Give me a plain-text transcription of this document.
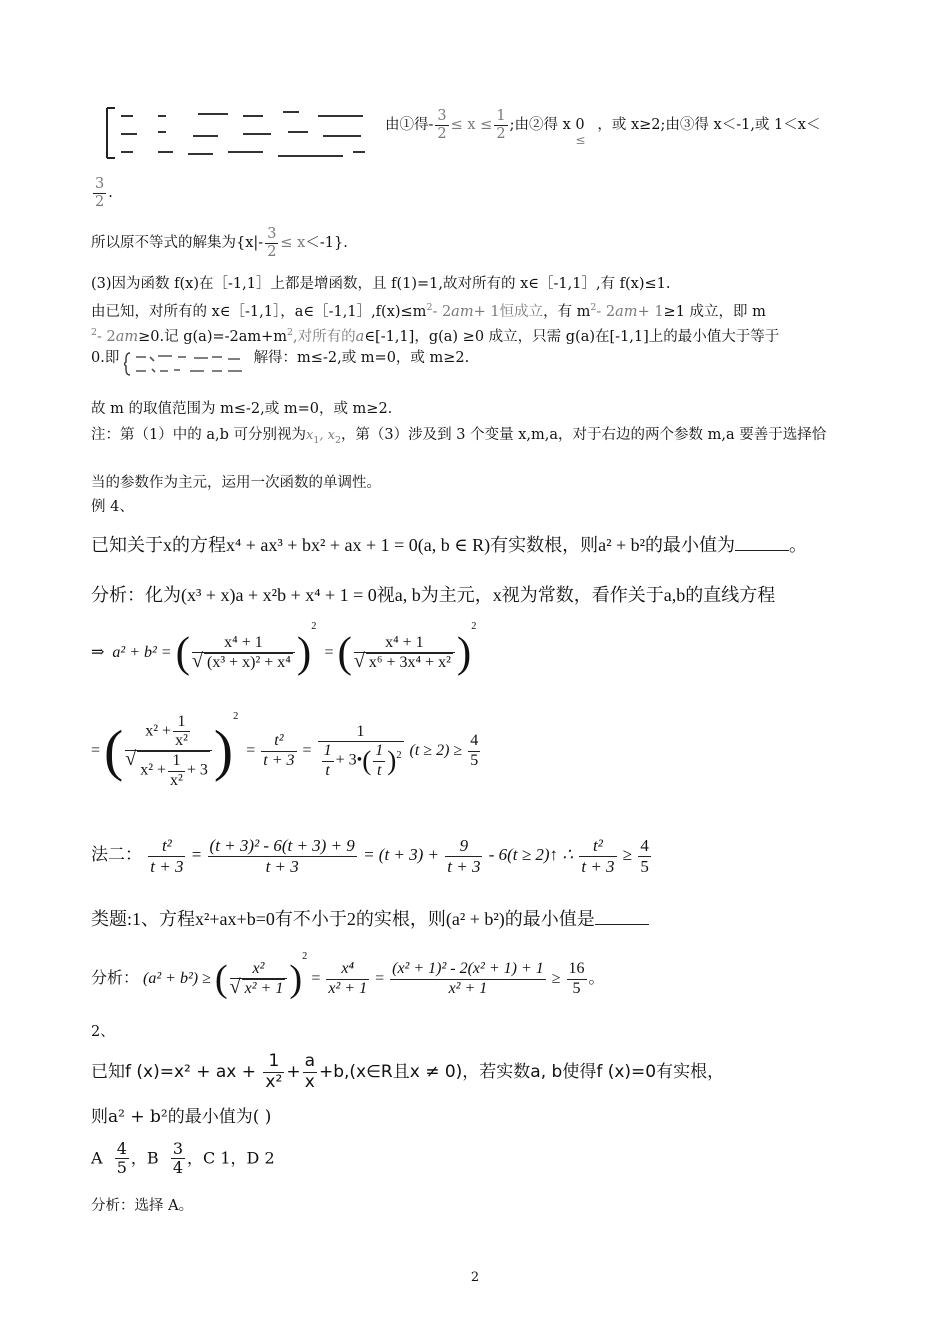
由①得- $\frac{3}{2} \le x \le \frac{1}{2}$ ;由②得 x 0
≤
，或 x≥2;由③得 x＜-1,或 1＜x＜
$\frac{3}{2}$ .
所以原不等式的解集为$\{x|- \frac{3}{2} \le x<-1\}$.
(3)因为函数 f(x)在［-1,1］上都是增函数，且 f(1)=1,故对所有的 x∈［-1,1］,有 f(x)≤1.
由已知，对所有的 x∈［-1,1］，$a\in[-1,1],f(x)\le m^2-$ 2am+ 1恒成立，有 $m^2-$ 2am+ 1≥1 成立，即 m
$^2$- 2am≥0.记 $g(a)=-2am+m^2$,对所有的a∈[-1,1]，g(a) ≥0 成立，只需 g(a)在[-1,1]上的最小值大于等于
0.即	解得：m≤-2,或 m=0，或 m≥2.
故 m 的取值范围为 m≤-2,或 m=0，或 m≥2.
注：第（1）中的 a,b 可分别视为$x_1$, $x_2$，第（3）涉及到 3 个变量 x,m,a，对于右边的两个参数 m,a 要善于选择恰
当的参数作为主元，运用一次函数的单调性。
例 4、
已知关于x的方程x⁴ + ax³ + bx² + ax + 1 = 0(a, b ∈ R)有实数根，则a² + b²的最小值为	。
分析：化为(x³ + x)a + x²b + x⁴ + 1 = 0视a, b为主元，x视为常数，看作关于a,b的直线方程
⇒ a² + b² = ( x⁴ + 1
√ (x³ + x)² + x⁴ )$^2$  = ( x⁴ + 1
√ x⁶ + 3x⁴ + x² )$^2$
= ( $x^2 + \frac{1}{\text{x²}}$
√ $x^2 + \frac{1}{\text{x²}} + 3$ )$^2 = \frac{\text{t²}}{t + 3} = \frac{1}{\frac{1}{t} + 3•( \frac{1}{t} )^2} (t \ge 2) \ge \frac{4}{5}$
法二： $\frac{\text{t²}}{t + 3} = \frac{\text{(t + 3)² - 6(t + 3) + 9}}{t + 3} = (t + 3) + \frac{9}{t + 3} - 6(t$ ≥ 2)↑ ∴ $\frac{\text{t²}}{t + 3} \ge \frac{4}{5}$
类题:1、方程x²+ax+b=0有不小于2的实根，则(a² + b²)的最小值是
分析： (a² + b²) ≥ ( x²
√ x² + 1 )$^2 = \frac{\text{x⁴}}{\text{x² + 1}} = \frac{\text{(x² + 1)² - 2(x² + 1) + 1}}{\text{x² + 1}} \ge \frac{16}{5}$ 。
2、
已知f (x)=x² + ax + $\frac{1}{\text{x²}} + \frac{a}{x}$ +b,(x∈R且x ≠ 0)，若实数a, b使得f (x)=0有实根，
则a² + b²的最小值为( )
A $\frac{4}{5}$ ，B $\frac{3}{4}$ ，C 1，D 2
分析：选择 A。
2
